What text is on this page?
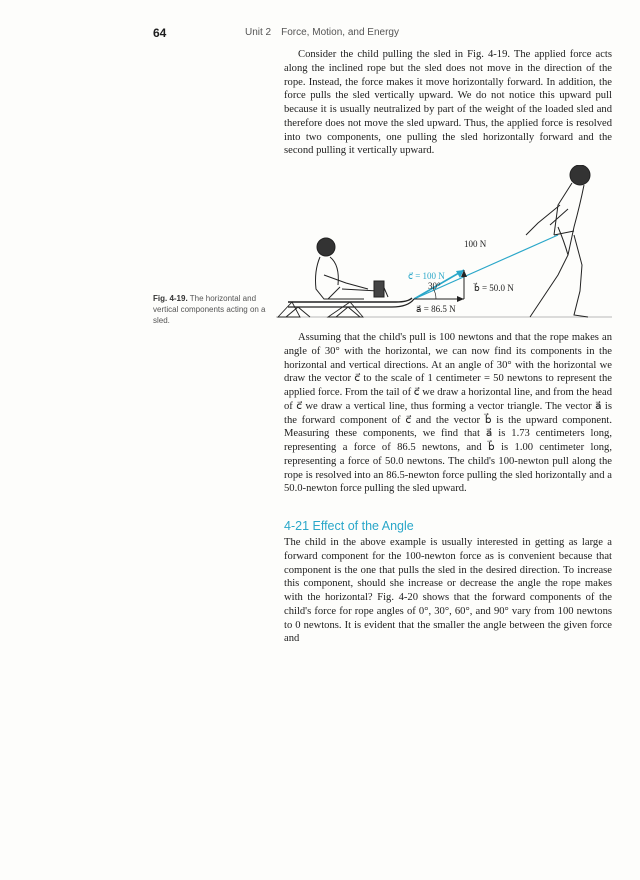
64	Unit 2 Force, Motion, and Energy

Consider the child pulling the sled in Fig. 4-19. The applied force acts along the inclined rope but the sled does not move in the direction of the rope. Instead, the force makes it move horizontally forward. In addition, the force pulls the sled vertically upward. We do not notice this upward pull because it is usually neutralized by part of the weight of the loaded sled and therefore does not move the sled upward. Thus, the applied force is resolved into two components, one pulling the sled horizontally forward and the second pulling it vertically upward.

100 N
c⃗ = 100 N
30°	b⃗ = 50.0 N
a⃗ = 86.5 N
Fig. 4-19. The horizontal and vertical components acting on a sled.

Assuming that the child's pull is 100 newtons and that the rope makes an angle of 30° with the horizontal, we can now find its components in the horizontal and vertical directions. At an angle of 30° with the horizontal we draw the vector c⃗ to the scale of 1 centimeter = 50 newtons to represent the applied force. From the tail of c⃗ we draw a horizontal line, and from the head of c⃗ we draw a vertical line, thus forming a vector triangle. The vector a⃗ is the forward component of c⃗ and the vector b⃗ is the upward component. Measuring these components, we find that a⃗ is 1.73 centimeters long, representing a force of 86.5 newtons, and b⃗ is 1.00 centimeter long, representing a force of 50.0 newtons. The child's 100-newton pull along the rope is resolved into an 86.5-newton force pulling the sled horizontally and a 50.0-newton force pulling the sled upward.

4-21 Effect of the Angle

The child in the above example is usually interested in getting as large a forward component for the 100-newton force as is convenient because that component is the one that pulls the sled in the desired direction. To increase this component, should she increase or decrease the angle the rope makes with the horizontal? Fig. 4-20 shows that the forward components of the child's force for rope angles of 0°, 30°, 60°, and 90° vary from 100 newtons to 0 newtons. It is evident that the smaller the angle between the given force and
